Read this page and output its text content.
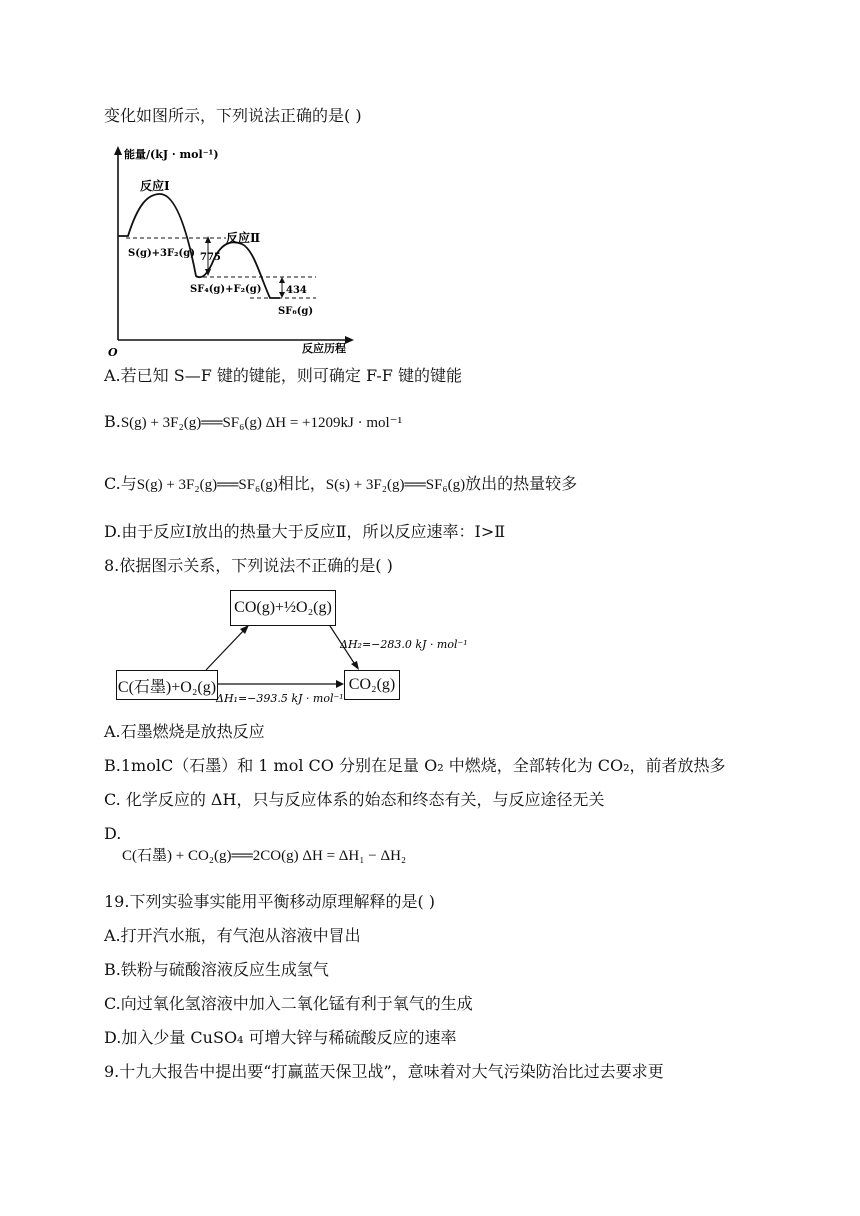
变化如图所示，下列说法正确的是( )
能量/(kJ · mol⁻¹)
O	反应历程
反应Ⅰ
反应Ⅱ
S(g)+3F₂(g) 775
SF₄(g)+F₂(g) 434
SF₆(g)
A.若已知 S—F 键的键能，则可确定 F-F 键的键能
B.S(g) + 3F₂(g)══SF₆(g) ΔH = +1209kJ · mol⁻¹
C.与S(g) + 3F₂(g)══SF₆(g)相比，S(s) + 3F₂(g)══SF₆(g)放出的热量较多
D.由于反应Ⅰ放出的热量大于反应Ⅱ，所以反应速率：Ⅰ>Ⅱ
8.依据图示关系，下列说法不正确的是( )
CO(g)+½O₂(g)
C(石墨)+O₂(g)	CO₂(g)
ΔH₂=−283.0 kJ · mol⁻¹
ΔH₁=−393.5 kJ · mol⁻¹
A.石墨燃烧是放热反应
B.1molC（石墨）和 1 mol CO 分别在足量 O₂ 中燃烧，全部转化为 CO₂，前者放热多
C. 化学反应的 ΔH，只与反应体系的始态和终态有关，与反应途径无关
D.
C(石墨) + CO₂(g)══2CO(g) ΔH = ΔH₁ − ΔH₂
19.下列实验事实能用平衡移动原理解释的是( )
A.打开汽水瓶，有气泡从溶液中冒出
B.铁粉与硫酸溶液反应生成氢气
C.向过氧化氢溶液中加入二氧化锰有利于氧气的生成
D.加入少量 CuSO₄ 可增大锌与稀硫酸反应的速率
9.十九大报告中提出要“打赢蓝天保卫战”，意味着对大气污染防治比过去要求更
